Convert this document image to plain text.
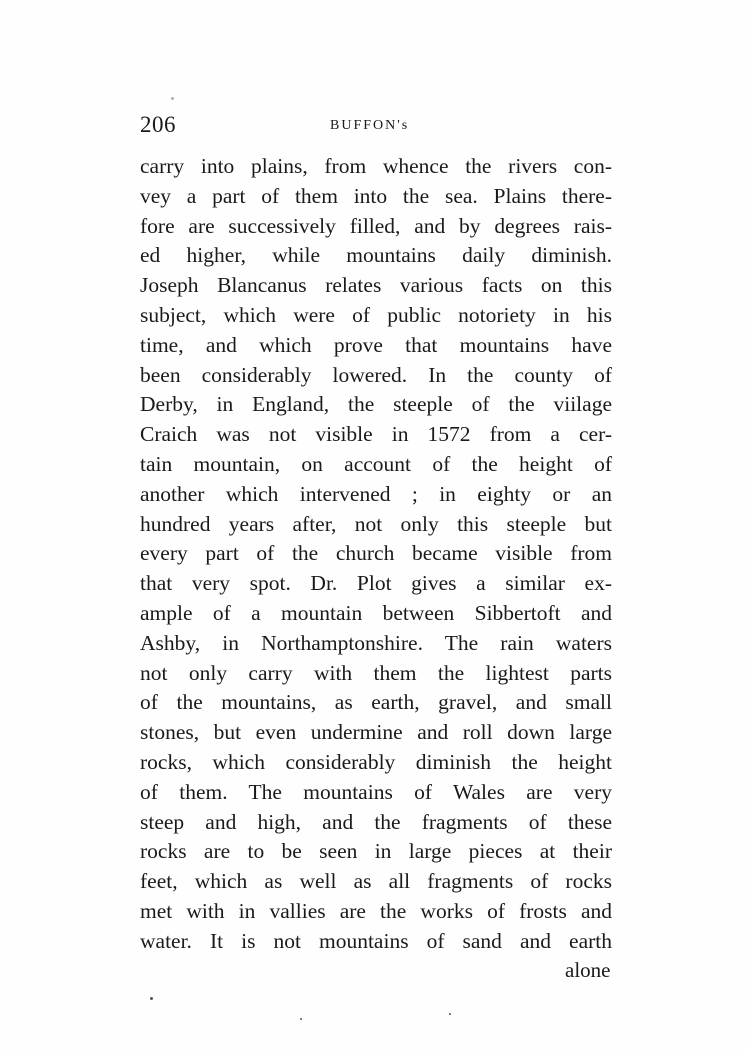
206	BUFFON's
carry into plains, from whence the rivers con-
vey a part of them into the sea. Plains there-
fore are successively filled, and by degrees rais-
ed higher, while mountains daily diminish.
Joseph Blancanus relates various facts on this
subject, which were of public notoriety in his
time, and which prove that mountains have
been considerably lowered. In the county of
Derby, in England, the steeple of the viilage
Craich was not visible in 1572 from a cer-
tain mountain, on account of the height of
another which intervened ; in eighty or an
hundred years after, not only this steeple but
every part of the church became visible from
that very spot. Dr. Plot gives a similar ex-
ample of a mountain between Sibbertoft and
Ashby, in Northamptonshire. The rain waters
not only carry with them the lightest parts
of the mountains, as earth, gravel, and small
stones, but even undermine and roll down large
rocks, which considerably diminish the height
of them. The mountains of Wales are very
steep and high, and the fragments of these
rocks are to be seen in large pieces at their
feet, which as well as all fragments of rocks
met with in vallies are the works of frosts and
water. It is not mountains of sand and earth
alone
